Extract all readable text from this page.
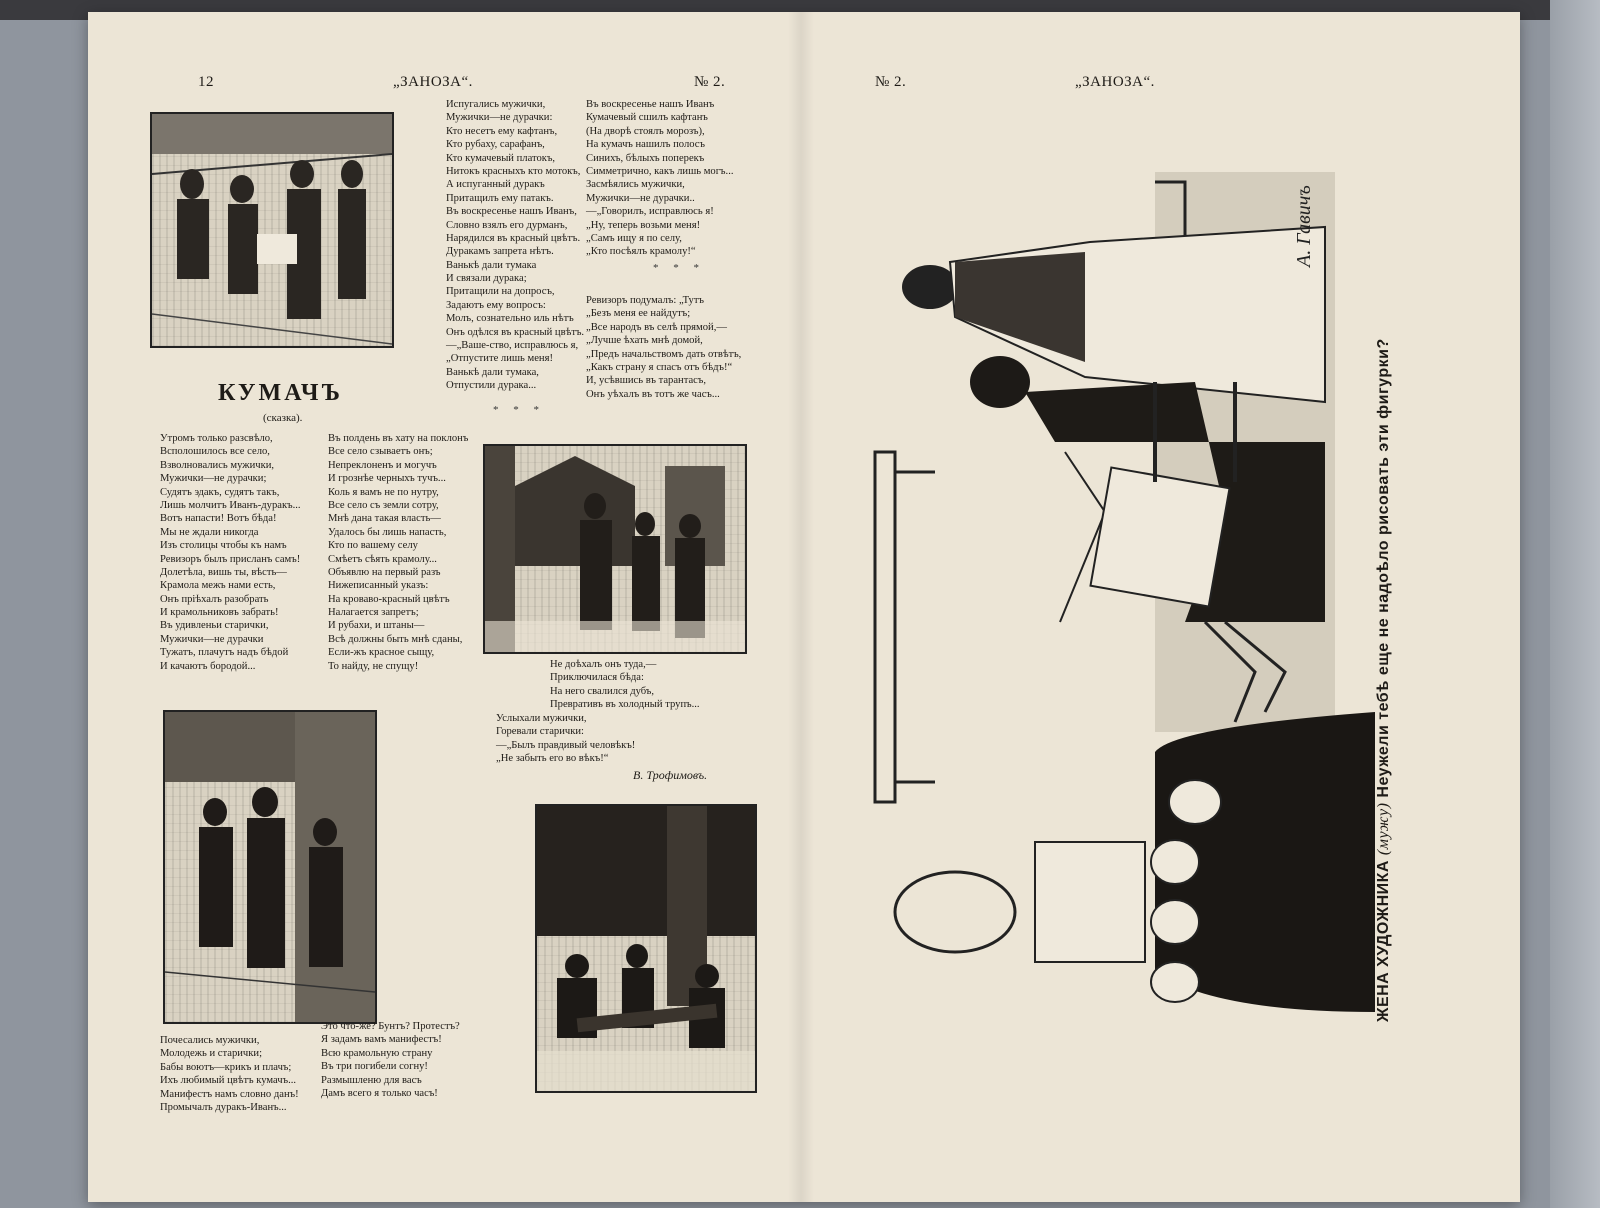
12	„ЗАНОЗА“.	№ 2.
Испугались мужички,
Мужички—не дурачки:
Кто несетъ ему кафтанъ,
Кто рубаху, сарафанъ,
Кто кумачевый платокъ,
Нитокъ красныхъ кто мотокъ,
А испуганный дуракъ
Притащилъ ему патакъ.
Въ воскресенье нашъ Иванъ,
Словно взялъ его дурманъ,
Нарядился въ красный цвѣтъ.
Дуракамъ запрета нѣтъ.
Ванькѣ дали тумака
И связали дурака;
Притащили на допросъ,
Задаютъ ему вопросъ:
Молъ, сознательно иль нѣтъ
Онъ одѣлся въ красный цвѣтъ.
—„Ваше-ство, исправлюсь я,
„Отпустите лишь меня!
Ванькѣ дали тумака,
Отпустили дурака...
Въ воскресенье нашъ Иванъ
Кумачевый сшилъ кафтанъ
(На дворѣ стоялъ морозъ),
На кумачъ нашилъ полосъ
Синихъ, бѣлыхъ поперекъ
Симметрично, какъ лишь могъ...
Засмѣялись мужички,
Мужички—не дурачки..
—„Говорилъ, исправлюсь я!
„Ну, теперь возьми меня!
„Самъ ищу я по селу,
„Кто посѣялъ крамолу!“
* * *
Ревизоръ подумалъ: „Тутъ
„Безъ меня ее найдутъ;
„Все народъ въ селѣ прямой,—
„Лучше ѣхать мнѣ домой,
„Предъ начальствомъ дать отвѣтъ,
„Какъ страну я спасъ отъ бѣдъ!“
И, усѣвшись въ тарантасъ,
Онъ уѣхалъ въ тотъ же часъ...
* * *
КУМАЧЪ
(сказка).
Утромъ только разсвѣло,
Всполошилось все село,
Взволновались мужички,
Мужички—не дурачки;
Судятъ эдакъ, судятъ такъ,
Лишь молчитъ Иванъ-дуракъ...
Вотъ напасти! Вотъ бѣда!
Мы не ждали никогда
Изъ столицы чтобы къ намъ
Ревизоръ былъ присланъ самъ!
Долетѣла, вишь ты, вѣсть—
Крамола межъ нами есть,
Онъ пріѣхалъ разобрать
И крамольниковъ забрать!
Въ удивленьи старички,
Мужички—не дурачки
Тужатъ, плачутъ надъ бѣдой
И качаютъ бородой...
Въ полдень въ хату на поклонъ
Все село сзываетъ онъ;
Непреклоненъ и могучъ
И грознѣе черныхъ тучъ...
Коль я вамъ не по нутру,
Все село съ земли сотру,
Мнѣ дана такая власть—
Удалось бы лишь напасть,
Кто по вашему селу
Смѣетъ сѣять крамолу...
Объявлю на первый разъ
Нижеписанный указъ:
На кроваво-красный цвѣтъ
Налагается запретъ;
И рубахи, и штаны—
Всѣ должны быть мнѣ сданы,
Если-жъ красное сыщу,
То найду, не спущу!	Не доѣхалъ онъ туда,—
Приключилася бѣда:
На него свалился дубъ,
Превративъ въ холодный трупъ...
Услыхали мужички,
Горевали старички:
—„Былъ правдивый человѣкъ!
„Не забыть его во вѣкъ!“
В. Трофимовъ.
Почесались мужички,
Молодежь и старички;
Бабы воютъ—крикъ и плачъ;
Ихъ любимый цвѣтъ кумачъ...
Манифестъ намъ словно данъ!
Промычалъ дуракъ-Иванъ...
Это что-же? Бунтъ? Протестъ?
Я задамъ вамъ манифестъ!
Всю крамольную страну
Въ три погибели согну!
Размышленю для васъ
Дамъ всего я только часъ!
№ 2.	„ЗАНОЗА“.
А. Гавичъ
ЖЕНА ХУДОЖНИКА (мужу) Неужели тебѣ еще не надоѣло рисовать эти фигурки?
